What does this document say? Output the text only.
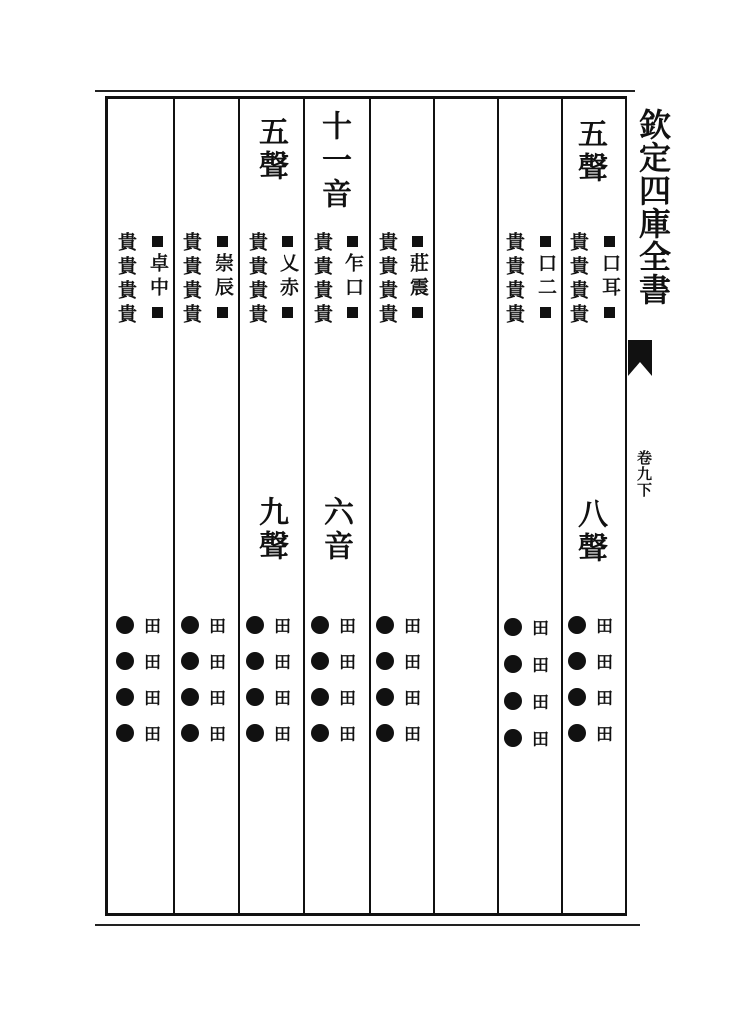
欽定四庫全書
卷九下
五聲
貴貴貴貴
口耳
八聲
田
田
田
田
貴貴貴貴
口二
田
田
田
田
貴貴貴貴
莊震
田
田
田
田
十一音
貴貴貴貴
乍口
六音
田
田
田
田
五聲
貴貴貴貴
乂赤
九聲
田
田
田
田
貴貴貴貴
崇辰
田
田
田
田
貴貴貴貴
卓中
田
田
田
田
